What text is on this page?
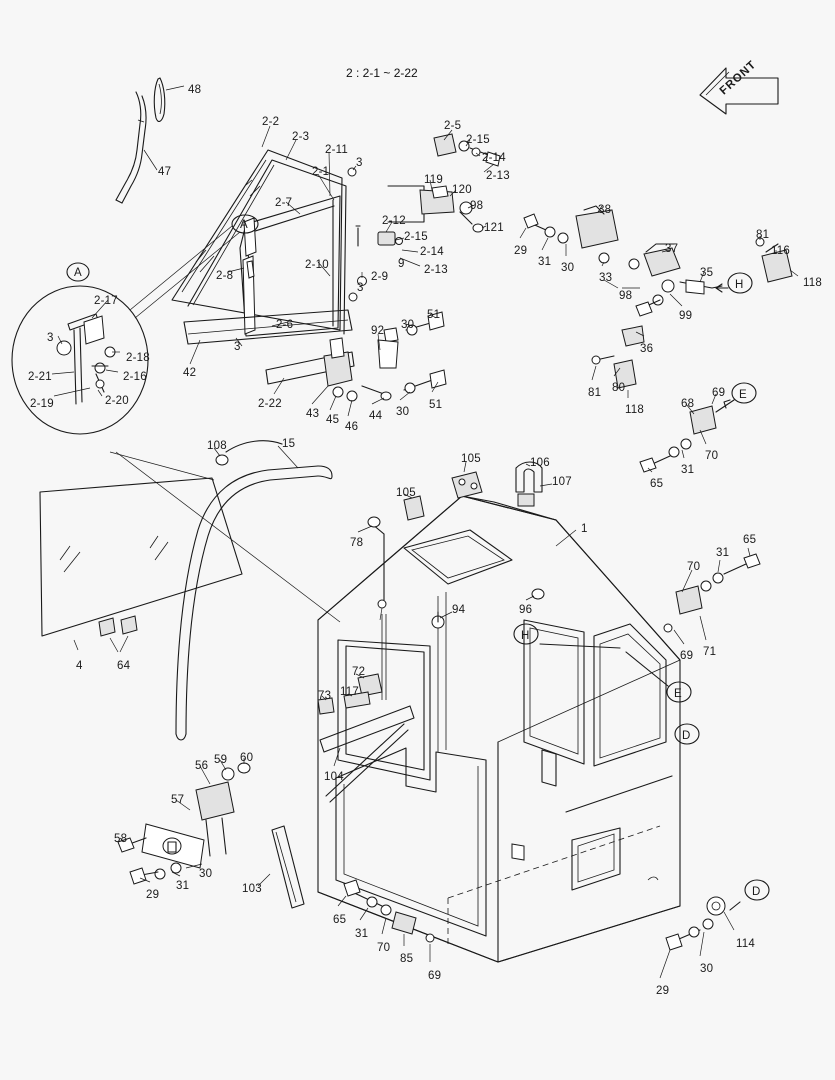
A
A
H
E
H
E
D
D
2 : 2-1 ~ 2-22	FRONT
48
47
2-2
2-3
2-11
2-1
3
2-7
2-12
2-15
2-14
2-13
2-10
2-9
3
9
2-8
2-17
3
2-18
2-16
2-21
2-19	2-20
2-6
3
42
2-22
43 45
46
44
92 30
51
30
51
2-5
2-15
2-14
2-13
119
120
98
121
29
31 30
33
38
98
37
35
81
116
118
99
36
81 80
118
69
68
70
31
65
108	15
4	64
105	106
107
105
78
1
94	96
65
31
70
69 71
72
73 117
104
56 59 60
57
58
29
31
30
103
65
31
70
85
69
29
30
114
